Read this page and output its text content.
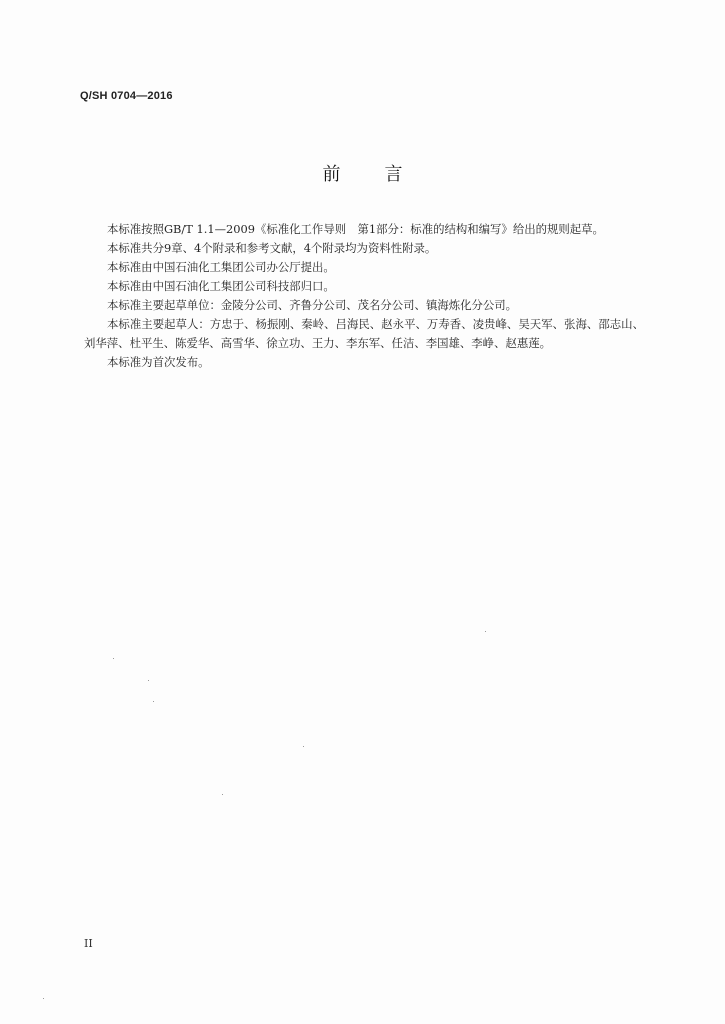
Q/SH 0704—2016
前 言

本标准按照GB/T 1.1—2009《标准化工作导则　第1部分：标准的结构和编写》给出的规则起草。

本标准共分9章、4个附录和参考文献，4个附录均为资料性附录。

本标准由中国石油化工集团公司办公厅提出。

本标准由中国石油化工集团公司科技部归口。

本标准主要起草单位：金陵分公司、齐鲁分公司、茂名分公司、镇海炼化分公司。

本标准主要起草人：方忠于、杨振刚、秦岭、吕海民、赵永平、万寿香、凌贵峰、吴天军、张海、邵志山、刘华萍、杜平生、陈爱华、高雪华、徐立功、王力、李东军、任洁、李国雄、李峥、赵惠莲。

本标准为首次发布。

II
